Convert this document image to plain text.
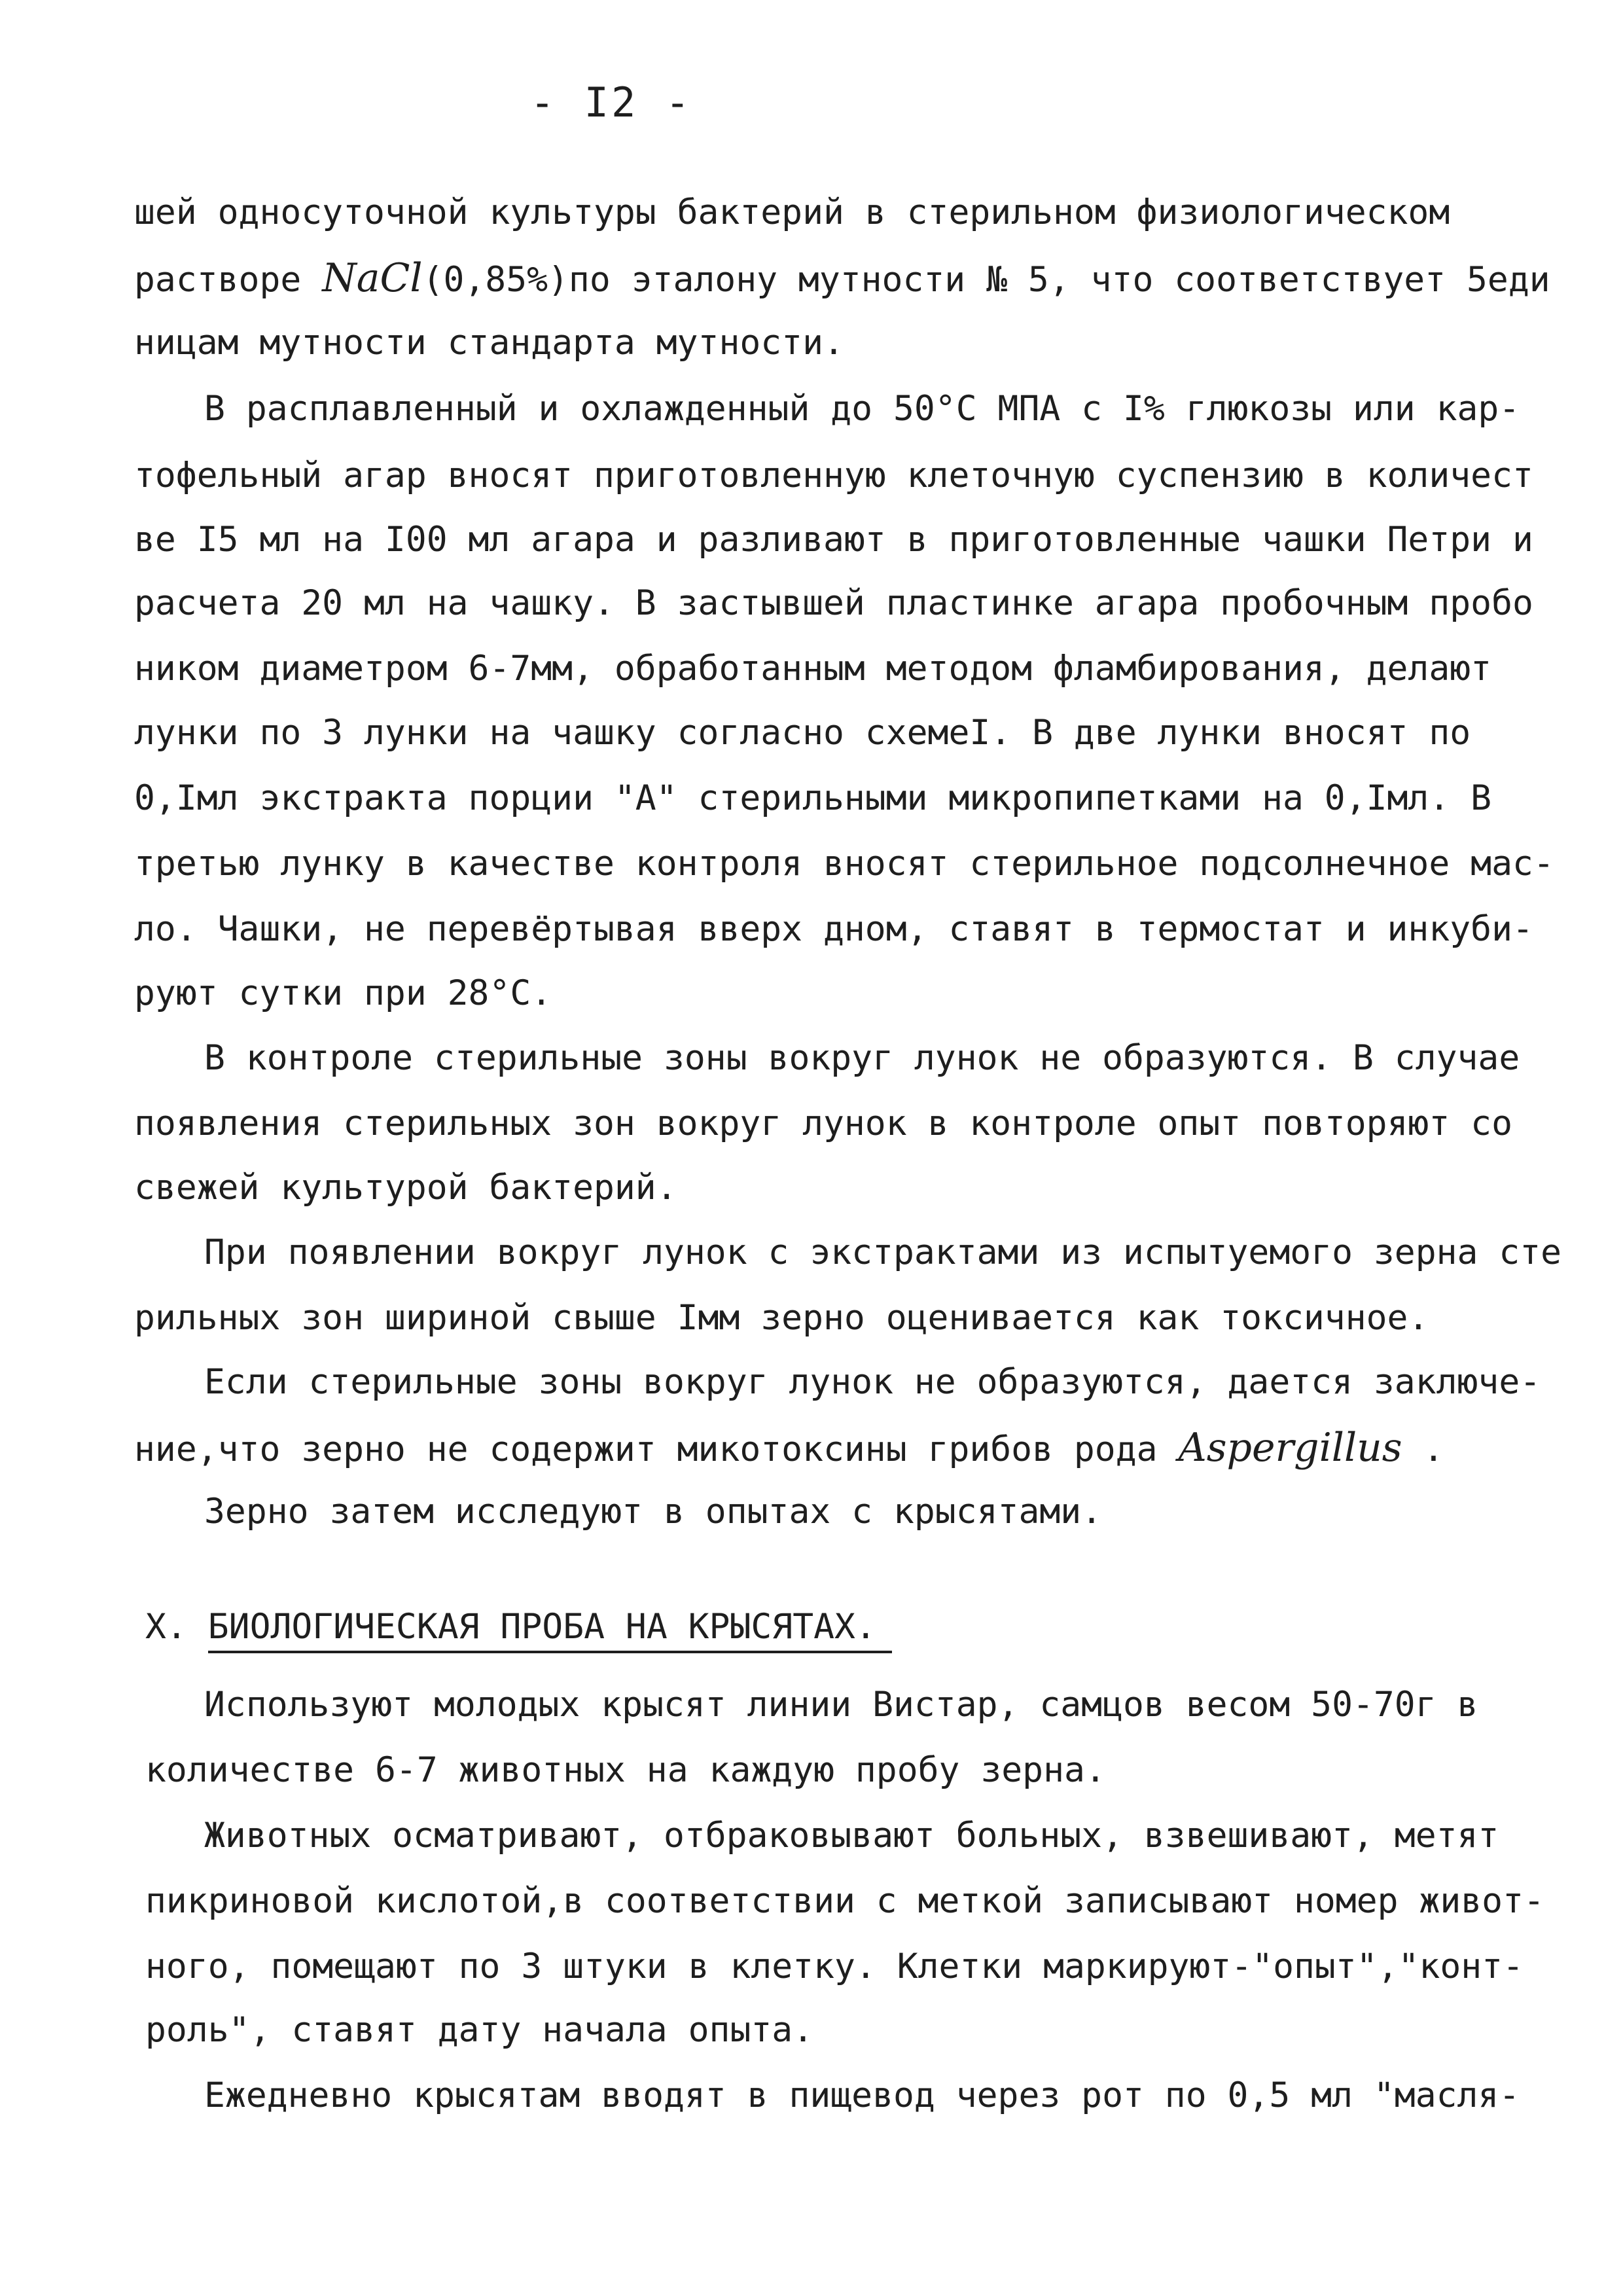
- I2 -
шей односуточной культуры бактерий в стерильном физиологическом
растворе NaCl(0,85%)по эталону мутности № 5, что соответствует 5еди
ницам мутности стандарта мутности.
В расплавленный и охлажденный до 50°С МПА с I% глюкозы или кар-
тофельный агар вносят приготовленную клеточную суспензию в количест
ве I5 мл на I00 мл агара и разливают в приготовленные чашки Петри и
расчета 20 мл на чашку. В застывшей пластинке агара пробочным пробо
ником диаметром 6-7мм, обработанным методом фламбирования, делают
лунки по 3 лунки на чашку согласно схемеI. В две лунки вносят по
0,Iмл экстракта порции "А" стерильными микропипетками на 0,Iмл. В
третью лунку в качестве контроля вносят стерильное подсолнечное мас-
ло. Чашки, не перевёртывая вверх дном, ставят в термостат и инкуби-
руют сутки при 28°С.
В контроле стерильные зоны вокруг лунок не образуются. В случае
появления стерильных зон вокруг лунок в контроле опыт повторяют со
свежей культурой бактерий.
При появлении вокруг лунок с экстрактами из испытуемого зерна сте
рильных зон шириной свыше Iмм зерно оценивается как токсичное.
Если стерильные зоны вокруг лунок не образуются, дается заключе-
ние,что зерно не содержит микотоксины грибов рода Aspergillus .
Зерно затем исследуют в опытах с крысятами.
X. БИОЛОГИЧЕСКАЯ ПРОБА НА КРЫСЯТАХ.
Используют молодых крысят линии Вистар, самцов весом 50-70г в
количестве 6-7 животных на каждую пробу зерна.
Животных осматривают, отбраковывают больных, взвешивают, метят
пикриновой кислотой,в соответствии с меткой записывают номер живот-
ного, помещают по 3 штуки в клетку. Клетки маркируют-"опыт","конт-
роль", ставят дату начала опыта.
Ежедневно крысятам вводят в пищевод через рот по 0,5 мл "масля-
